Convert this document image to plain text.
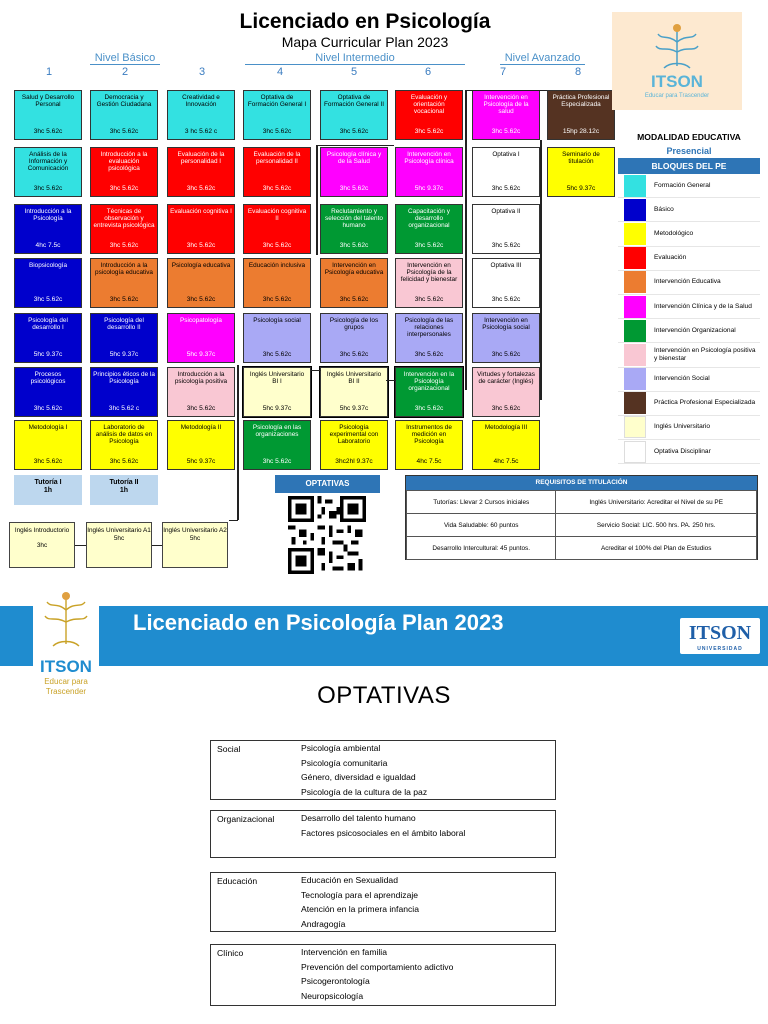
Licenciado en Psicología
Mapa Curricular Plan 2023
Nivel Básico	Nivel Intermedio	Nivel Avanzado
1	2	3	4	5	6	7	8
Salud y Desarrollo Personal
3hc 5.62c
Análisis de la Información y Comunicación
3hc 5.62c
Introducción a la Psicología
4hc 7.5c
Biopsicología
3hc 5.62c
Psicología del desarrollo I
5hc 9.37c
Procesos psicológicos
3hc 5.62c
Metodología I
3hc 5.62c
Democracia y Gestión Ciudadana
3hc 5.62c
Introducción a la evaluación psicológica
3hc 5.62c
Técnicas de observación y entrevista psicológica
3hc 5.62c
Introducción a la psicología educativa
3hc 5.62c
Psicología del desarrollo II
5hc 9.37c
Principios éticos de la Psicología
3hc 5.62 c
Laboratorio de análisis de datos en Psicología
3hc 5.62c
Creatividad e Innovación
3 hc 5.62 c
Evaluación de la personalidad I
3hc 5.62c
Evaluación cognitiva I
3hc 5.62c
Psicología educativa
3hc 5.62c
Psicopatología
5hc 9.37c
Introducción a la psicología positiva
3hc 5.62c
Metodología II
5hc 9.37c
Optativa de Formación General I
3hc 5.62c
Evaluación de la personalidad II
3hc 5.62c
Evaluación cognitiva II
3hc 5.62c
Educación inclusiva
3hc 5.62c
Psicología social
3hc 5.62c
Inglés Universitario BI I
5hc 9.37c
Psicología en las organizaciones
3hc 5.62c
Optativa de Formación General II
3hc 5.62c
Psicología clínica y de la Salud
3hc 5.62c
Reclutamiento y selección del talento humano
3hc 5.62c
Intervención en Psicología educativa
3hc 5.62c
Psicología de los grupos
3hc 5.62c
Inglés Universitario BI II
5hc 9.37c
Psicología experimental con Laboratorio
3hc2hl 9.37c
Evaluación y orientación vocacional
3hc 5.62c
Intervención en Psicología clínica
5hc 9.37c
Capacitación y desarrollo organizacional
3hc 5.62c
Intervención en Psicología de la felicidad y bienestar
3hc 5.62c
Psicología de las relaciones interpersonales
3hc 5.62c
Intervención en la Psicología organizacional
3hc 5.62c
Instrumentos de medición en Psicología
4hc 7.5c
Intervención en Psicología de la salud
3hc 5.62c
Optativa I
3hc 5.62c
Optativa II
3hc 5.62c
Optativa III
3hc 5.62c
Intervención en Psicología social
3hc 5.62c
Virtudes y fortalezas de carácter (Inglés)
3hc 5.62c
Metodología III
4hc 7.5c
Práctica Profesional Especializada
15hp 28.12c
Seminario de titulación
5hc 9.37c
Tutoría I
1h
Tutoría II
1h
Inglés Introductorio

3hc
Inglés Universitario A1
5hc
Inglés Universitario A2
5hc
OPTATIVAS	REQUISITOS DE TITULACIÓN
Tutorías: Llevar 2 Cursos iniciales	Inglés Universitario: Acreditar el Nivel de su PE
Vida Saludable: 60 puntos	Servicio Social: LIC. 500 hrs. PA. 250 hrs.
Desarrollo Intercultural: 45 puntos.	Acreditar el 100% del Plan de Estudios
ITSON
Educar para Trascender
MODALIDAD EDUCATIVA
Presencial
BLOQUES DEL PE
Formación General
Básico
Metodológico
Evaluación
Intervención Educativa
Intervención Clínica y de la Salud
Intervención Organizacional
Intervención en Psicología positiva y bienestar
Intervención Social
Práctica Profesional Especializada
Inglés Universitario
Optativa Disciplinar
Licenciado en Psicología Plan 2023	ITSON
UNIVERSIDAD
ITSON
Educar para
Trascender	OPTATIVAS
Social	Psicología ambiental
Psicología comunitaria
Género, diversidad e igualdad
Psicología de la cultura de la paz
Organizacional	Desarrollo del talento humano
Factores psicosociales en el ámbito laboral
Educación	Educación en Sexualidad
Tecnología para el aprendizaje
Atención en la primera infancia
Andragogía
Clínico	Intervención en familia
Prevención del comportamiento adictivo
Psicogerontología
Neuropsicología
